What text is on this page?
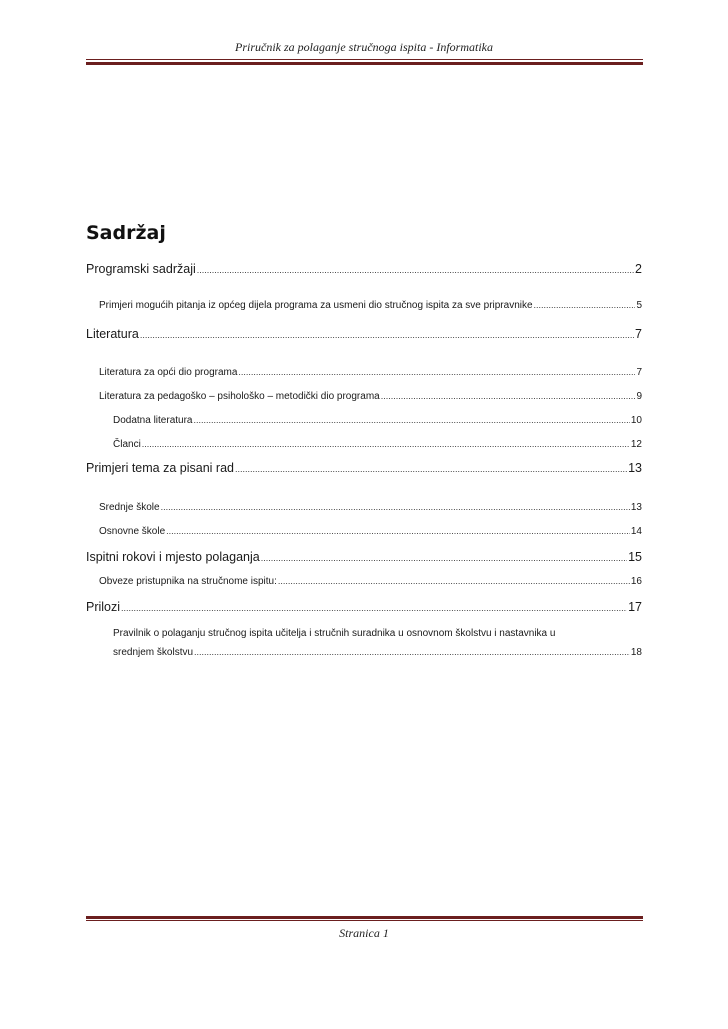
Priručnik za polaganje stručnoga ispita - Informatika
Sadržaj
Programski sadržaji .....	2
Primjeri mogućih pitanja iz općeg dijela programa za usmeni dio stručnog ispita za sve pripravnike .....	5
Literatura .....	7
Literatura za opći dio programa .....	7
Literatura za pedagoško – psihološko – metodički dio programa .....	9
Dodatna literatura .....	10
Članci .....	12
Primjeri tema za pisani rad .....	13
Srednje škole .....	13
Osnovne škole .....	14
Ispitni rokovi i mjesto polaganja .....	15
Obveze pristupnika na stručnome ispitu: .....	16
Prilozi .....	17
Pravilnik o polaganju stručnog ispita učitelja i stručnih suradnika u osnovnom školstvu i nastavnika u
srednjem školstvu .....	18
Stranica 1
